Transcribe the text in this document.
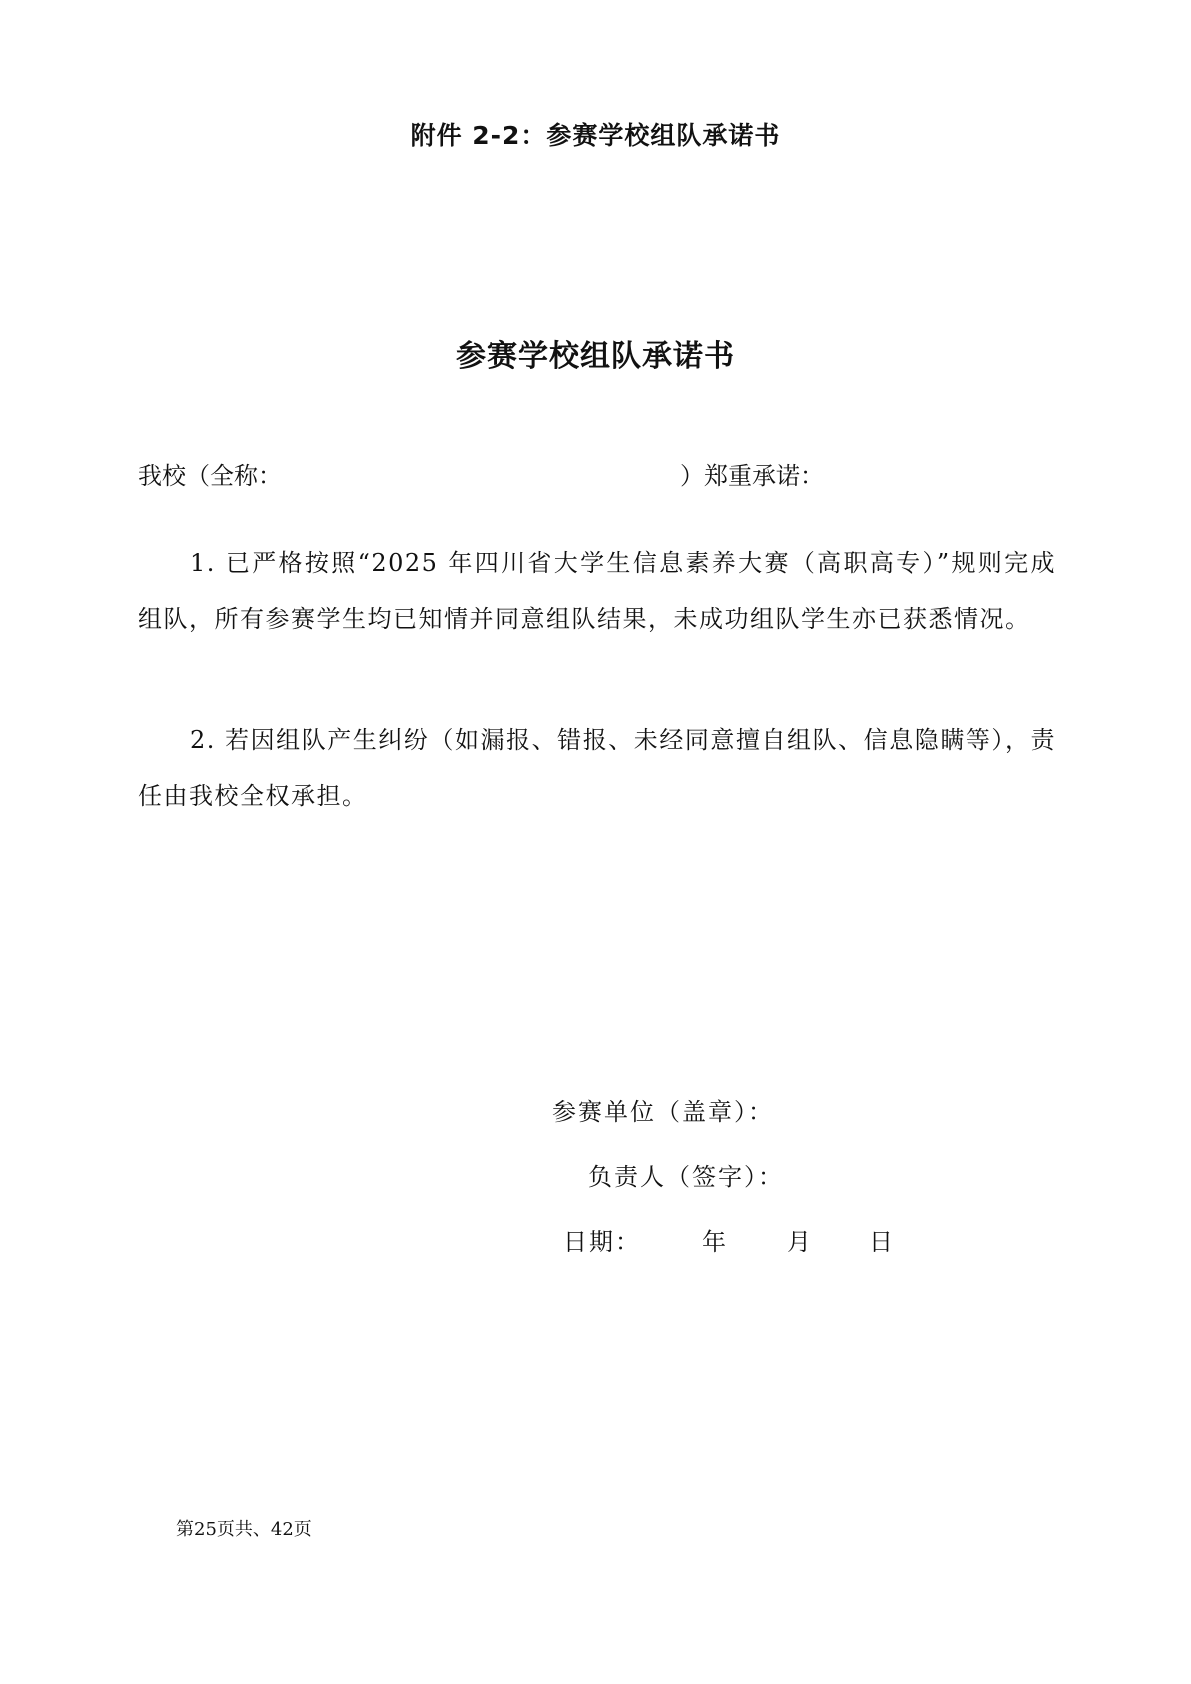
附件 2-2：参赛学校组队承诺书
参赛学校组队承诺书
我校（全称：	）郑重承诺：

1. 已严格按照“2025 年四川省大学生信息素养大赛（高职高专）”规则完成组队，所有参赛学生均已知情并同意组队结果，未成功组队学生亦已获悉情况。

2. 若因组队产生纠纷（如漏报、错报、未经同意擅自组队、信息隐瞒等），责任由我校全权承担。

参赛单位（盖章）：
负责人（签字）：
日期：	年 月 日
第25页共、42页
